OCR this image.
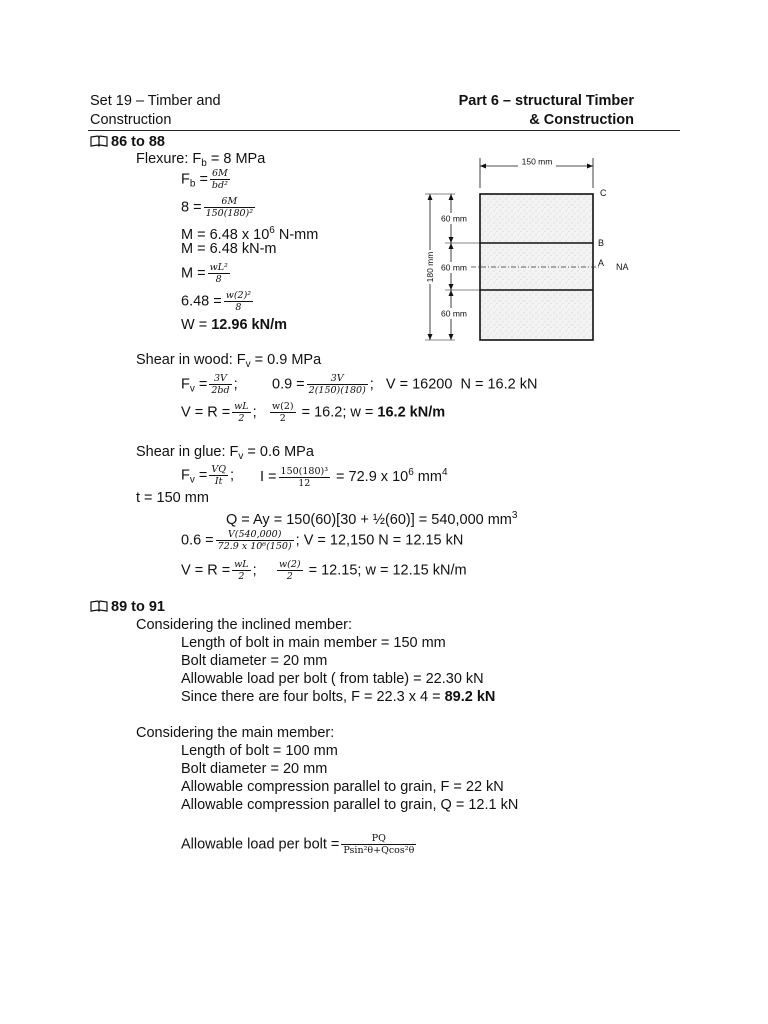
Set 19 – Timber and
Construction
Part 6 – structural Timber
& Construction
86 to 88
Flexure: $F_b = 8$ MPa
$F_b = \frac{6M}{\text{bd²}}$
$8 = \frac{6M}{\text{150(180)²}}$
M = 6.48 x $10^6$ N-mm
M = 6.48 kN-m
$M = \frac{\text{wL²}}{8}$
$6.48 = \frac{\text{w(2)²}}{8}$
W = 12.96 kN/m
150 mm
180 mm
60 mm
60 mm
60 mm
C
B
A NA
Shear in wood: $F_v = 0.9$ MPa
$F_v = \frac{3V}{2bd}$ ; $0.9 = \frac{3V}{2(150)(180)}$ ;   V = 16200  N = 16.2 kN
$V = R = \frac{wL}{2}$ ; $\frac{w(2)}{2} = 16.2$; w = 16.2 kN/m
Shear in glue: $F_v = 0.6$ MPa
$F_v = \frac{VQ}{It}$ ; $I = \frac{\text{150(180)³}}{12} = 72.9$ x $10^6$ $mm^4$
t = 150 mm
Q = Ay = 150(60)[30 + ½(60)] = 540,000 $mm^3$
$0.6 = \frac{V(540,000)}{\text{72.9 x 10⁶(150)}}$ ; V = 12,150 N = 12.15 kN
$V = R = \frac{wL}{2}$ ; $\frac{w(2)}{2} = 12.15$; w = 12.15 kN/m
89 to 91
Considering the inclined member:
Length of bolt in main member = 150 mm
Bolt diameter = 20 mm
Allowable load per bolt ( from table) = 22.30 kN
Since there are four bolts, F = 22.3 x 4 = 89.2 kN
Considering the main member:
Length of bolt = 100 mm
Bolt diameter = 20 mm
Allowable compression parallel to grain, F = 22 kN
Allowable compression parallel to grain, Q = 12.1 kN
Allowable load per bolt = $\frac{PQ}{\text{Psin²θ+Qcos²θ}}$
